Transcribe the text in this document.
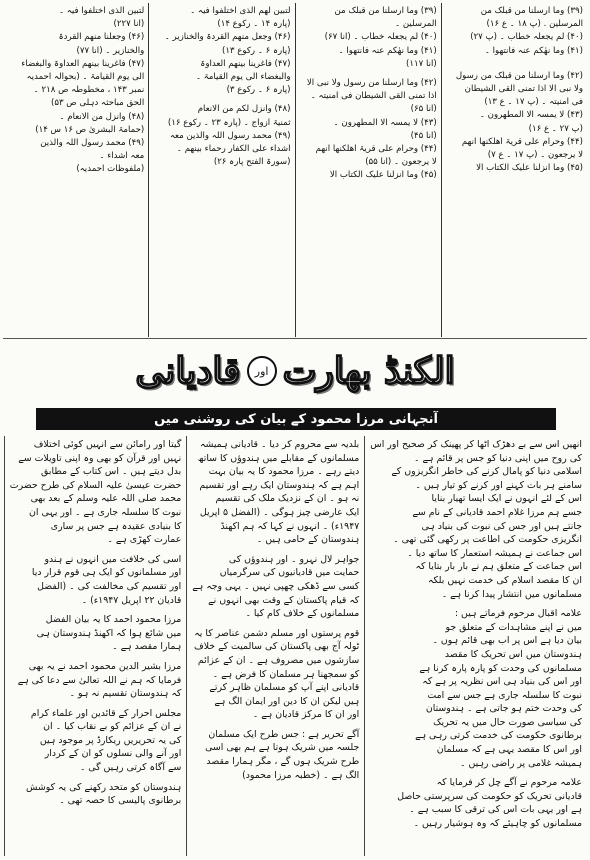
(۳۹) وما ارسلنا من قبلک من
المرسلین . (پ ۱۸ ۔ ع ۱۶)
(۴۰) لم یجعلہ خطاب ۔ (پ ۲۷)
(۴۱) وما نھٰکم عنہ فانتھوا ۔
(۴۲) وما ارسلنا من قبلک من رسول
ولا نبی الا اذا تمنی القی الشیطان
فی امنیتہ ۔ (پ ۱۷ ۔ ع ۱۳)
(۴۳) لا یمسہ الا المطھرون ۔
(پ ۲۷ ۔ ع ۱۶)
(۴۴) وحرام علی قریۃ اھلکنھا انھم
لا یرجعون ۔ (پ ۱۷ ۔ ع ۷)
(۴۵) وما انزلنا علیک الکتاب الا
(۳۹) وما ارسلنا من قبلک من
المرسلین ۔
(۴۰) لم یجعلہ خطاب ۔ (انا ۶۷)
(۴۱) وما نھٰکم عنہ فانتھوا ۔
(انا ۱۱۷)
(۴۲) وما ارسلنا من رسول ولا نبی الا
اذا تمنی القی الشیطان فی امنیتہ ۔
(انا ۶۵)
(۴۳) لا یمسہ الا المطھرون ۔
(انا ۴۵)
(۴۴) وحرام علی قریۃ اھلکنھا انھم
لا یرجعون ۔ (انا ۵۵)
(۴۵) وما انزلنا علیک الکتاب الا
لتبین لھم الذی اختلفوا فیہ ۔
(پارہ ۱۴ ۔ رکوع ۱۴)
(۴۶) وجعل منھم القردۃ والخنازیر ۔
(پارہ ۶ ۔ رکوع ۱۳)
(۴۷) فاغرینا بینھم العداوۃ
والبغضاء الی یوم القیامۃ ۔
(پارہ ۶ ۔ رکوع ۳)
(۴۸) وانزل لکم من الانعام
ثمنیۃ ازواج ۔ (پارہ ۲۳ ۔ رکوع ۱۶)
(۴۹) محمد رسول اللہ والذین معہ
اشداء علی الکفار رحماء بینھم ۔
(سورۃ الفتح پارہ ۲۶)
لتبین الذی اختلفوا فیہ ۔
(انا ۲۲۷)
(۴۶) وجعلنا منھم القردۃ
والخنازیر ۔ (انا ۷۷)
(۴۷) فاغرینا بینھم العداوۃ والبغضاء
الی یوم القیامۃ ۔ (بحوالہ احمدیہ
نمبر ۱۴۳ ، مخطوطہ ص ۲۱۸ ۔
الحق مباحثہ دہلی ص ۵۳)
(۴۸) وانزل من الانعام ۔
(حمامۃ البشریٰ ص ۱۶ س ۱۴)
(۴۹) محمد رسول اللہ والذین
معہ اشداء ۔
(ملفوظات احمدیہ)
قادیانی	اور الکنڈ بھارت
آنجہانی مرزا محمود کے بیان کی روشنی میں
انھیں اس سے بے دھڑک اٹھا کر پھینک کر صحیح اور اس
کی روح میں اپنی دنیا کو جس پر قائم ہے ۔
اسلامی دنیا کو پامال کرنے کی خاطر انگریزوں کے
سامنے ہر بات کہنے اور کرنے کو تیار ہیں ۔
اس کے لئے انہوں نے ایک ایسا تھیار بنایا
جسے ہم مرزا غلام احمد قادیانی کے نام سے
جانتے ہیں اور جس کی نبوت کی بنیاد ہی
انگریزی حکومت کی اطاعت پر رکھی گئی تھی ۔
اس جماعت نے ہمیشہ استعمار کا ساتھ دیا ۔
اس جماعت کے متعلق ہم نے بار بار بتایا کہ
ان کا مقصد اسلام کی خدمت نہیں بلکہ
مسلمانوں میں انتشار پیدا کرنا ہے ۔
علامہ اقبال مرحوم فرماتے ہیں :
میں نے اپنے مشاہدات کے متعلق جو
بیان دیا ہے اس پر اب بھی قائم ہوں ۔
ہندوستان میں اس تحریک کا مقصد
مسلمانوں کی وحدت کو پارہ پارہ کرنا ہے
اور اس کی بنیاد ہی اس نظریہ پر ہے کہ
نبوت کا سلسلہ جاری ہے جس سے امت
کی وحدت ختم ہو جاتی ہے ۔ ہندوستان
کی سیاسی صورت حال میں یہ تحریک
برطانوی حکومت کی خدمت کرتی رہی ہے
اور اس کا مقصد یہی ہے کہ مسلمان
ہمیشہ غلامی پر راضی رہیں ۔
علامہ مرحوم نے آگے چل کر فرمایا کہ
قادیانی تحریک کو حکومت کی سرپرستی حاصل
ہے اور یہی بات اس کی ترقی کا سبب ہے ۔
مسلمانوں کو چاہیئے کہ وہ ہوشیار رہیں ۔
بلدیہ سے محروم کر دیا ۔ قادیانی ہمیشہ
مسلمانوں کے مقابلے میں ہندوؤں کا ساتھ
دیتے رہے ۔ مرزا محمود کا یہ بیان بہت
اہم ہے کہ ہندوستان ایک رہے اور تقسیم
نہ ہو ۔ ان کے نزدیک ملک کی تقسیم
ایک عارضی چیز ہوگی ۔ (الفضل ۵ اپریل
۱۹۴۷ء) ۔ انہوں نے کہا کہ ہم اکھنڈ
ہندوستان کے حامی ہیں ۔
جواہر لال نہرو ۔ اور ہندوؤں کی
حمایت میں قادیانیوں کی سرگرمیاں
کسی سے ڈھکی چھپی نہیں ۔ یہی وجہ ہے
کہ قیام پاکستان کے وقت بھی انہوں نے
مسلمانوں کے خلاف کام کیا ۔
قوم پرستوں اور مسلم دشمن عناصر کا یہ
ٹولہ آج بھی پاکستان کی سالمیت کے خلاف
سازشوں میں مصروف ہے ۔ ان کے عزائم
کو سمجھنا ہر مسلمان کا فرض ہے ۔
قادیانی اپنے آپ کو مسلمان ظاہر کرتے
ہیں لیکن ان کا دین اور ایمان الگ ہے
اور ان کا مرکز قادیان ہے ۔
آگے تحریر ہے : جس طرح ایک مسلمان
جلسہ میں شریک ہوتا ہے ہم بھی اسی
طرح شریک ہوں گے ، مگر ہمارا مقصد
الگ ہے ۔ (خطبہ مرزا محمود)
گیتا اور رامائن سے انہیں کوئی اختلاف
نہیں اور قرآن کو بھی وہ اپنی تاویلات سے
بدل دیتے ہیں ۔ اس کتاب کے مطابق
حضرت عیسیٰ علیہ السلام کی طرح حضرت
محمد صلی اللہ علیہ وسلم کے بعد بھی
نبوت کا سلسلہ جاری ہے ۔ اور یہی ان
کا بنیادی عقیدہ ہے جس پر ساری
عمارت کھڑی ہے ۔
اسی کی خلافت میں انہوں نے ہندو
اور مسلمانوں کو ایک ہی قوم قرار دیا
اور تقسیم کی مخالفت کی ۔ (الفضل
قادیان ۲۲ اپریل ۱۹۴۷ء) ۔
مرزا محمود احمد کا یہ بیان الفضل
میں شائع ہوا کہ اکھنڈ ہندوستان ہی
ہمارا مقصد ہے ۔
مرزا بشیر الدین محمود احمد نے یہ بھی
فرمایا کہ ہم نے اللہ تعالیٰ سے دعا کی ہے
کہ ہندوستان تقسیم نہ ہو ۔
مجلس احرار کے قائدین اور علماء کرام
نے ان کے عزائم کو بے نقاب کیا ۔ ان
کی یہ تحریریں ریکارڈ پر موجود ہیں
اور آنے والی نسلوں کو ان کے کردار
سے آگاہ کرتی رہیں گی ۔
ہندوستان کو متحد رکھنے کی یہ کوشش
برطانوی پالیسی کا حصہ تھی ۔
